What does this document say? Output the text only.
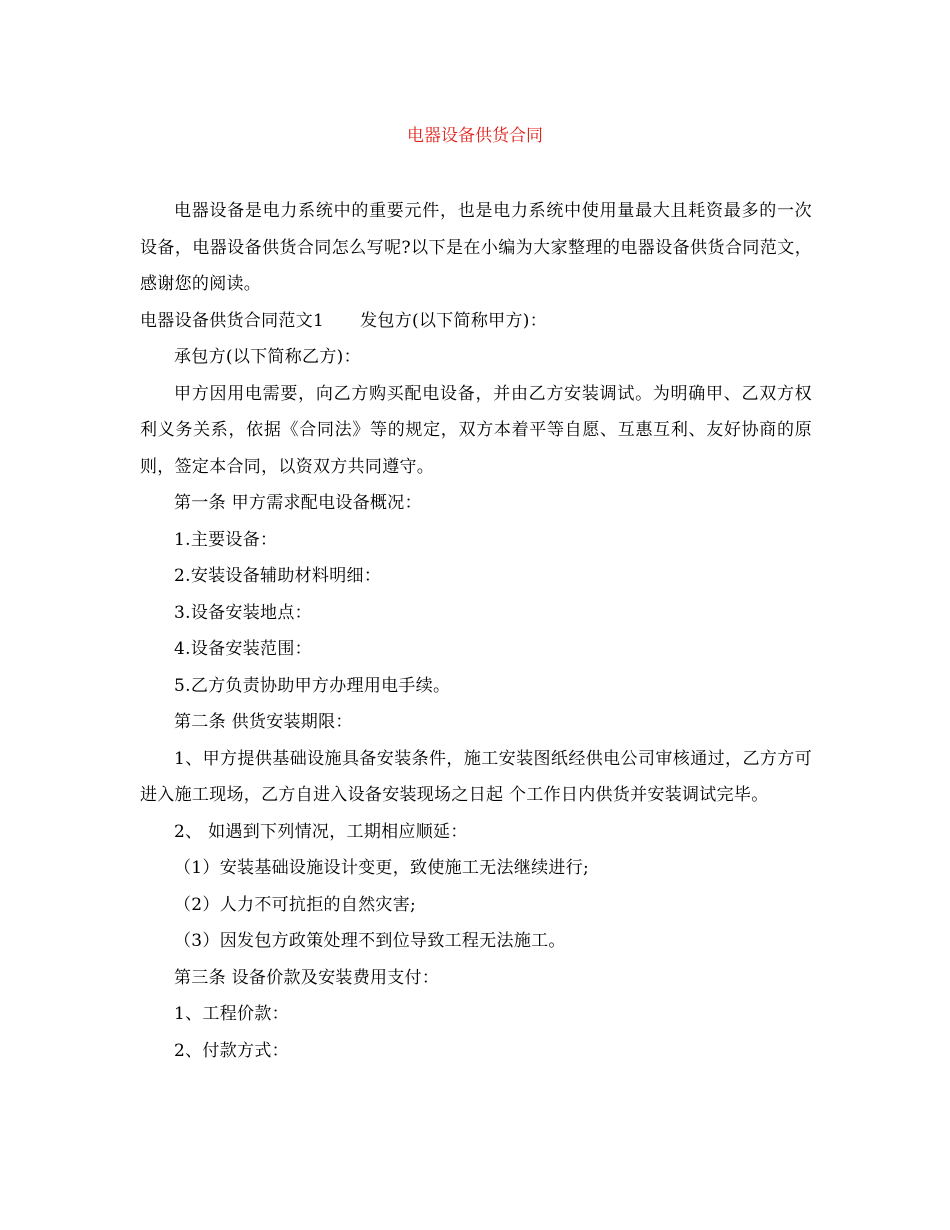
电器设备供货合同

电器设备是电力系统中的重要元件，也是电力系统中使用量最大且耗资最多的一次设备，电器设备供货合同怎么写呢?以下是在小编为大家整理的电器设备供货合同范文，感谢您的阅读。

电器设备供货合同范文1 发包方(以下简称甲方)：

承包方(以下简称乙方)：

甲方因用电需要，向乙方购买配电设备，并由乙方安装调试。为明确甲、乙双方权利义务关系，依据《合同法》等的规定，双方本着平等自愿、互惠互利、友好协商的原则，签定本合同，以资双方共同遵守。

第一条 甲方需求配电设备概况：

1.主要设备：

2.安装设备辅助材料明细：

3.设备安装地点：

4.设备安装范围：

5.乙方负责协助甲方办理用电手续。

第二条 供货安装期限：

1、甲方提供基础设施具备安装条件，施工安装图纸经供电公司审核通过，乙方方可进入施工现场，乙方自进入设备安装现场之日起 个工作日内供货并安装调试完毕。

2、 如遇到下列情况，工期相应顺延：

（1）安装基础设施设计变更，致使施工无法继续进行;

（2）人力不可抗拒的自然灾害;

（3）因发包方政策处理不到位导致工程无法施工。

第三条 设备价款及安装费用支付：

1、工程价款：

2、付款方式：
